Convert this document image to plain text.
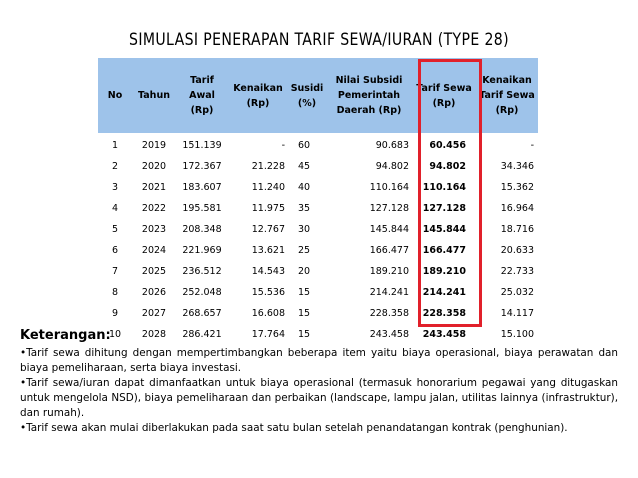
SIMULASI PENERAPAN TARIF SEWA/IURAN (TYPE 28)
No	Tahun	Tarif Awal (Rp)	Kenaikan (Rp)	Susidi (%)	Nilai Subsidi Pemerintah Daerah (Rp)	Tarif Sewa (Rp)	Kenaikan Tarif Sewa (Rp)
1	2019	151.139	-	60	90.683	60.456	-
2	2020	172.367	21.228	45	94.802	94.802	34.346
3	2021	183.607	11.240	40	110.164	110.164	15.362
4	2022	195.581	11.975	35	127.128	127.128	16.964
5	2023	208.348	12.767	30	145.844	145.844	18.716
6	2024	221.969	13.621	25	166.477	166.477	20.633
7	2025	236.512	14.543	20	189.210	189.210	22.733
8	2026	252.048	15.536	15	214.241	214.241	25.032
9	2027	268.657	16.608	15	228.358	228.358	14.117
10	2028	286.421	17.764	15	243.458	243.458	15.100
Keterangan:

•Tarif sewa dihitung dengan mempertimbangkan beberapa item yaitu biaya operasional, biaya perawatan dan biaya pemeliharaan, serta biaya investasi.

•Tarif sewa/iuran dapat dimanfaatkan untuk biaya operasional (termasuk honorarium pegawai yang ditugaskan untuk mengelola NSD), biaya pemeliharaan dan perbaikan (landscape, lampu jalan, utilitas lainnya (infrastruktur), dan rumah).

•Tarif sewa akan mulai diberlakukan pada saat satu bulan setelah penandatangan kontrak (penghunian).
